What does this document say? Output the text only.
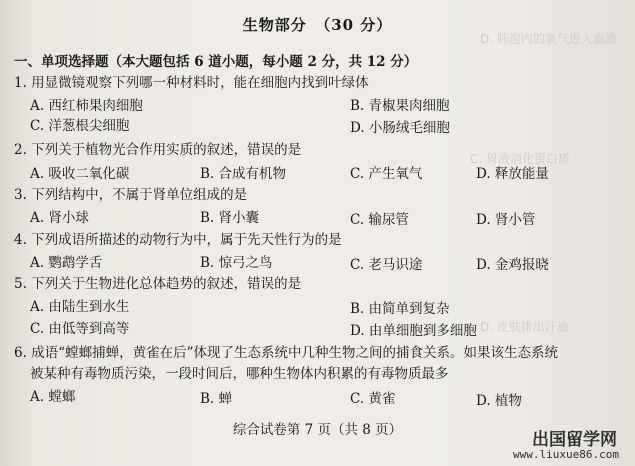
D. 肺泡内的氧气进入血液
C. 胃液消化蛋白质
D. 皮肤排出汗液
生物部分　（30 分）
一、单项选择题（本大题包括 6 道小题，每小题 2 分，共 12 分）
1. 用显微镜观察下列哪一种材料时，能在细胞内找到叶绿体
A. 西红柿果肉细胞	B. 青椒果肉细胞
C. 洋葱根尖细胞	D. 小肠绒毛细胞
2. 下列关于植物光合作用实质的叙述，错误的是
A. 吸收二氧化碳	B. 合成有机物	C. 产生氧气	D. 释放能量
3. 下列结构中，不属于肾单位组成的是
A. 肾小球	B. 肾小囊	C. 输尿管	D. 肾小管
4. 下列成语所描述的动物行为中，属于先天性行为的是
A. 鹦鹉学舌	B. 惊弓之鸟	C. 老马识途	D. 金鸡报晓
5. 下列关于生物进化总体趋势的叙述，错误的是
A. 由陆生到水生	B. 由简单到复杂
C. 由低等到高等	D. 由单细胞到多细胞
6. 成语“螳螂捕蝉，黄雀在后”体现了生态系统中几种生物之间的捕食关系。如果该生态系统
被某种有毒物质污染，一段时间后，哪种生物体内积累的有毒物质最多
A. 螳螂	B. 蝉	C. 黄雀	D. 植物
综合试卷第 7 页（共 8 页）	出国留学网
www.liuxue86.com
